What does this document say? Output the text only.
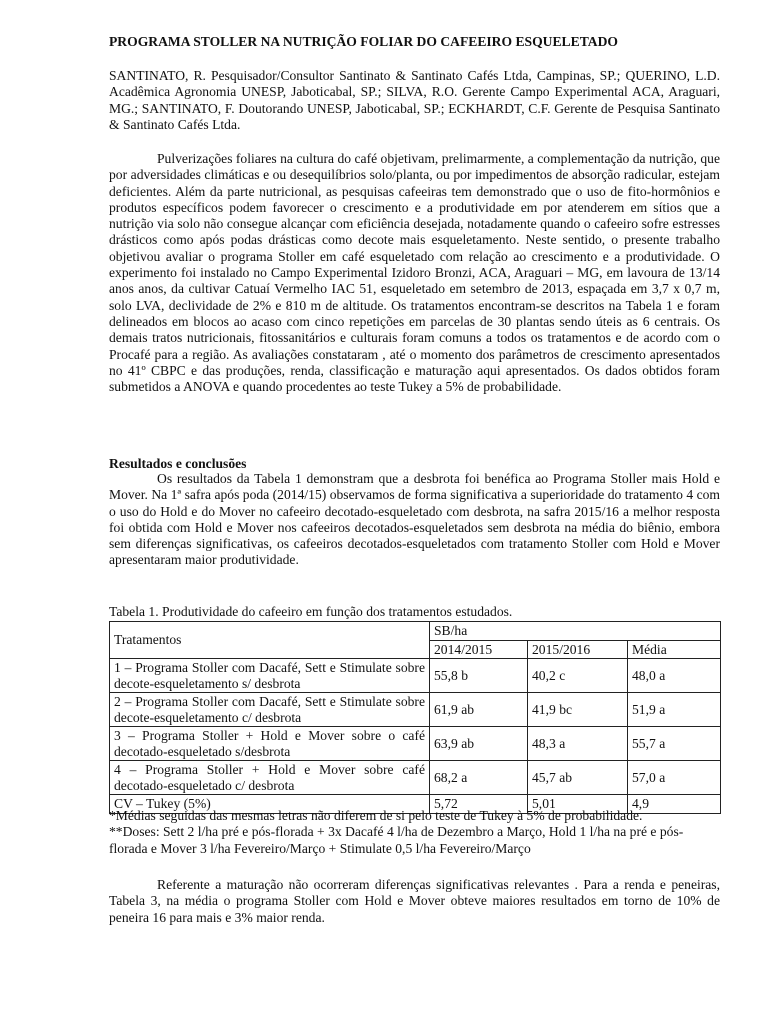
PROGRAMA STOLLER NA NUTRIÇÃO FOLIAR DO CAFEEIRO ESQUELETADO

SANTINATO, R. Pesquisador/Consultor Santinato & Santinato Cafés Ltda, Campinas, SP.; QUERINO, L.D. Acadêmica Agronomia UNESP, Jaboticabal, SP.; SILVA, R.O. Gerente Campo Experimental ACA, Araguari, MG.; SANTINATO, F. Doutorando UNESP, Jaboticabal, SP.; ECKHARDT, C.F. Gerente de Pesquisa Santinato & Santinato Cafés Ltda.

Pulverizações foliares na cultura do café objetivam, prelimarmente, a complementação da nutrição, que por adversidades climáticas e ou desequilíbrios solo/planta, ou por impedimentos de absorção radicular, estejam deficientes. Além da parte nutricional, as pesquisas cafeeiras tem demonstrado que o uso de fito-hormônios e produtos específicos podem favorecer o crescimento e a produtividade em por atenderem em sítios que a nutrição via solo não consegue alcançar com eficiência desejada, notadamente quando o cafeeiro sofre estresses drásticos como após podas drásticas como decote mais esqueletamento. Neste sentido, o presente trabalho objetivou avaliar o programa Stoller em café esqueletado com relação ao crescimento e a produtividade. O experimento foi instalado no Campo Experimental Izidoro Bronzi, ACA, Araguari – MG, em lavoura de 13/14 anos anos, da cultivar Catuaí Vermelho IAC 51, esqueletado em setembro de 2013, espaçada em 3,7 x 0,7 m, solo LVA, declividade de 2% e 810 m de altitude. Os tratamentos encontram-se descritos na Tabela 1 e foram delineados em blocos ao acaso com cinco repetições em parcelas de 30 plantas sendo úteis as 6 centrais. Os demais tratos nutricionais, fitossanitários e culturais foram comuns a todos os tratamentos e de acordo com o Procafé para a região. As avaliações constataram , até o momento dos parâmetros de crescimento apresentados no 41º CBPC e das produções, renda, classificação e maturação aqui apresentados. Os dados obtidos foram submetidos a ANOVA e quando procedentes ao teste Tukey a 5% de probabilidade.

Resultados e conclusões

Os resultados da Tabela 1 demonstram que a desbrota foi benéfica ao Programa Stoller mais Hold e Mover. Na 1ª safra após poda (2014/15) observamos de forma significativa a superioridade do tratamento 4 com o uso do Hold e do Mover no cafeeiro decotado-esqueletado com desbrota, na safra 2015/16 a melhor resposta foi obtida com Hold e Mover nos cafeeiros decotados-esqueletados sem desbrota na média do biênio, embora sem diferenças significativas, os cafeeiros decotados-esqueletados com tratamento Stoller com Hold e Mover apresentaram maior produtividade.

Tabela 1. Produtividade do cafeeiro em função dos tratamentos estudados.
Tratamentos	SB/ha		
	2014/2015	2015/2016	Média
1 – Programa Stoller com Dacafé, Sett e Stimulate sobre decote-esqueletamento s/ desbrota	55,8 b	40,2 c	48,0 a
2 – Programa Stoller com Dacafé, Sett e Stimulate sobre decote-esqueletamento c/ desbrota	61,9 ab	41,9 bc	51,9 a
3 – Programa Stoller + Hold e Mover sobre o café decotado-esqueletado s/desbrota	63,9 ab	48,3 a	55,7 a
4 – Programa Stoller + Hold e Mover sobre café decotado-esqueletado c/ desbrota	68,2 a	45,7 ab	57,0 a
CV – Tukey (5%)	5,72	5,01	4,9

*Médias seguidas das mesmas letras não diferem de si pelo teste de Tukey à 5% de probabilidade.

**Doses: Sett 2 l/ha pré e pós-florada + 3x Dacafé 4 l/ha de Dezembro a Março, Hold 1 l/ha na pré e pós-florada e Mover 3 l/ha Fevereiro/Março + Stimulate 0,5 l/ha Fevereiro/Março

Referente a maturação não ocorreram diferenças significativas relevantes . Para a renda e peneiras, Tabela 3, na média o programa Stoller com Hold e Mover obteve maiores resultados em torno de 10% de peneira 16 para mais e 3% maior renda.
